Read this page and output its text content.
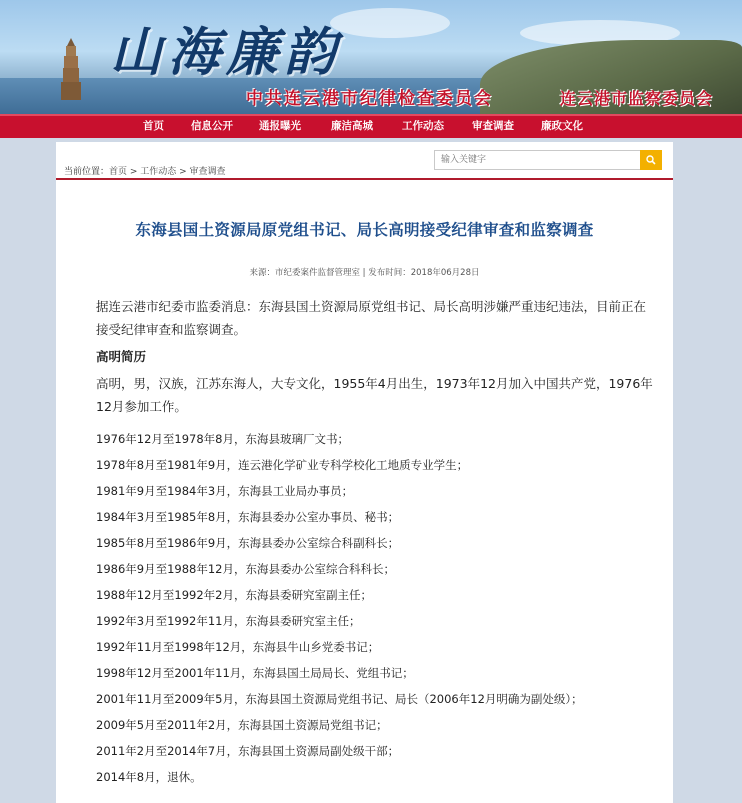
山海廉韵
中共连云港市纪律检查委员会	连云港市监察委员会
首页	信息公开 通报曝光	廉洁高城	工作动态	审查调查	廉政文化
当前位置：首页 > 工作动态 > 审查调查
输入关键字
东海县国土资源局原党组书记、局长高明接受纪律审查和监察调查
来源：市纪委案件监督管理室 | 发布时间：2018年06月28日
据连云港市纪委市监委消息：东海县国土资源局原党组书记、局长高明涉嫌严重违纪违法，目前正在接受纪律审查和监察调查。
高明简历
高明，男，汉族，江苏东海人，大专文化，1955年4月出生，1973年12月加入中国共产党，1976年12月参加工作。
1976年12月至1978年8月，东海县玻璃厂文书；
1978年8月至1981年9月，连云港化学矿业专科学校化工地质专业学生；
1981年9月至1984年3月，东海县工业局办事员；
1984年3月至1985年8月，东海县委办公室办事员、秘书；
1985年8月至1986年9月，东海县委办公室综合科副科长；
1986年9月至1988年12月，东海县委办公室综合科科长；
1988年12月至1992年2月，东海县委研究室副主任；
1992年3月至1992年11月，东海县委研究室主任；
1992年11月至1998年12月，东海县牛山乡党委书记；
1998年12月至2001年11月，东海县国土局局长、党组书记；
2001年11月至2009年5月，东海县国土资源局党组书记、局长（2006年12月明确为副处级）；
2009年5月至2011年2月，东海县国土资源局党组书记；
2011年2月至2014年7月，东海县国土资源局副处级干部；
2014年8月，退休。
